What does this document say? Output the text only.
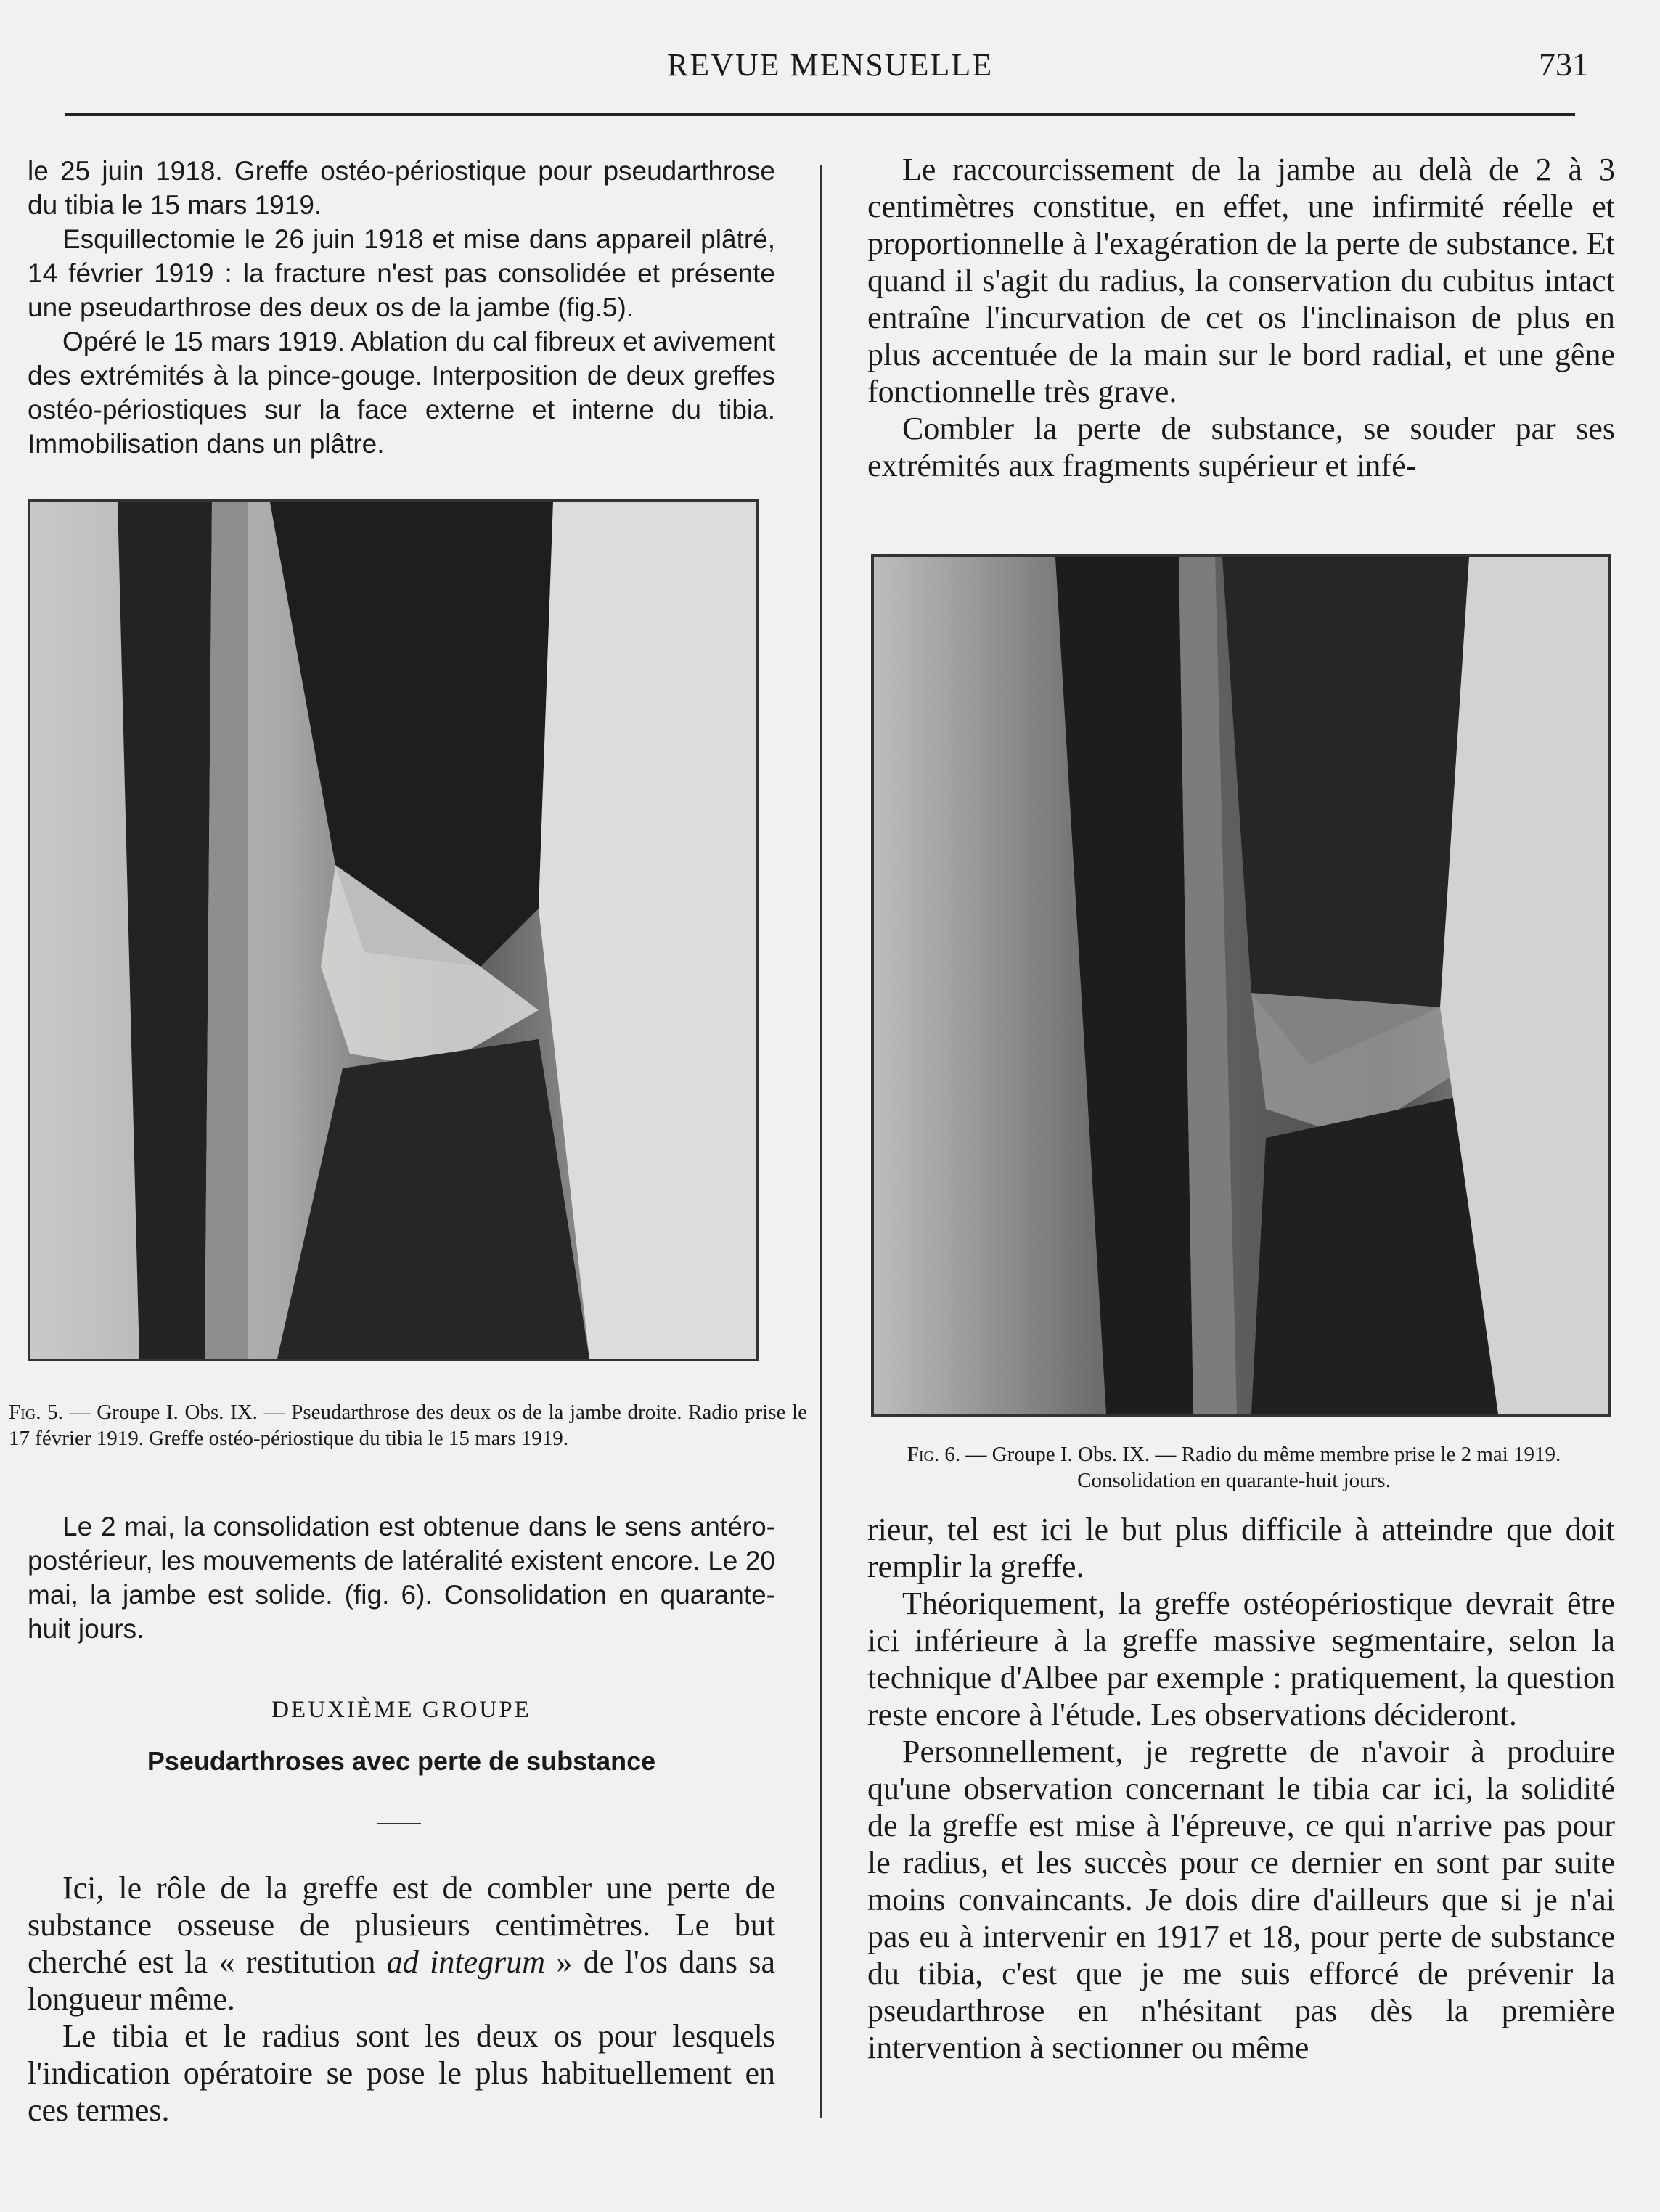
REVUE MENSUELLE	731

le 25 juin 1918. Greffe ostéo-périostique pour pseudarthrose du tibia le 15 mars 1919.

Esquillectomie le 26 juin 1918 et mise dans appareil plâtré, 14 février 1919 : la fracture n'est pas consolidée et présente une pseudarthrose des deux os de la jambe (fig.5).

Opéré le 15 mars 1919. Ablation du cal fibreux et avivement des extrémités à la pince-gouge. Interposition de deux greffes ostéo-périostiques sur la face externe et interne du tibia. Immobilisation dans un plâtre.

Fig. 5. — Groupe I. Obs. IX. — Pseudarthrose des deux os de la jambe droite. Radio prise le 17 février 1919. Greffe ostéo-périostique du tibia le 15 mars 1919.

Le 2 mai, la consolidation est obtenue dans le sens antéro-postérieur, les mouvements de latéralité existent encore. Le 20 mai, la jambe est solide. (fig. 6). Consolidation en quarante-huit jours.

DEUXIÈME GROUPE
Pseudarthroses avec perte de substance

Ici, le rôle de la greffe est de combler une perte de substance osseuse de plusieurs centimètres. Le but cherché est la « restitution ad integrum » de l'os dans sa longueur même.

Le tibia et le radius sont les deux os pour lesquels l'indication opératoire se pose le plus habituellement en ces termes.

Le raccourcissement de la jambe au delà de 2 à 3 centimètres constitue, en effet, une infirmité réelle et proportionnelle à l'exagération de la perte de substance. Et quand il s'agit du radius, la conservation du cubitus intact entraîne l'incurvation de cet os l'inclinaison de plus en plus accentuée de la main sur le bord radial, et une gêne fonctionnelle très grave.

Combler la perte de substance, se souder par ses extrémités aux fragments supérieur et infé-

Fig. 6. — Groupe I. Obs. IX. — Radio du même membre prise le 2 mai 1919.
Consolidation en quarante-huit jours.

rieur, tel est ici le but plus difficile à atteindre que doit remplir la greffe.

Théoriquement, la greffe ostéopériostique devrait être ici inférieure à la greffe massive segmentaire, selon la technique d'Albee par exemple : pratiquement, la question reste encore à l'étude. Les observations décideront.

Personnellement, je regrette de n'avoir à produire qu'une observation concernant le tibia car ici, la solidité de la greffe est mise à l'épreuve, ce qui n'arrive pas pour le radius, et les succès pour ce dernier en sont par suite moins convaincants. Je dois dire d'ailleurs que si je n'ai pas eu à intervenir en 1917 et 18, pour perte de substance du tibia, c'est que je me suis efforcé de prévenir la pseudarthrose en n'hésitant pas dès la première intervention à sectionner ou même
